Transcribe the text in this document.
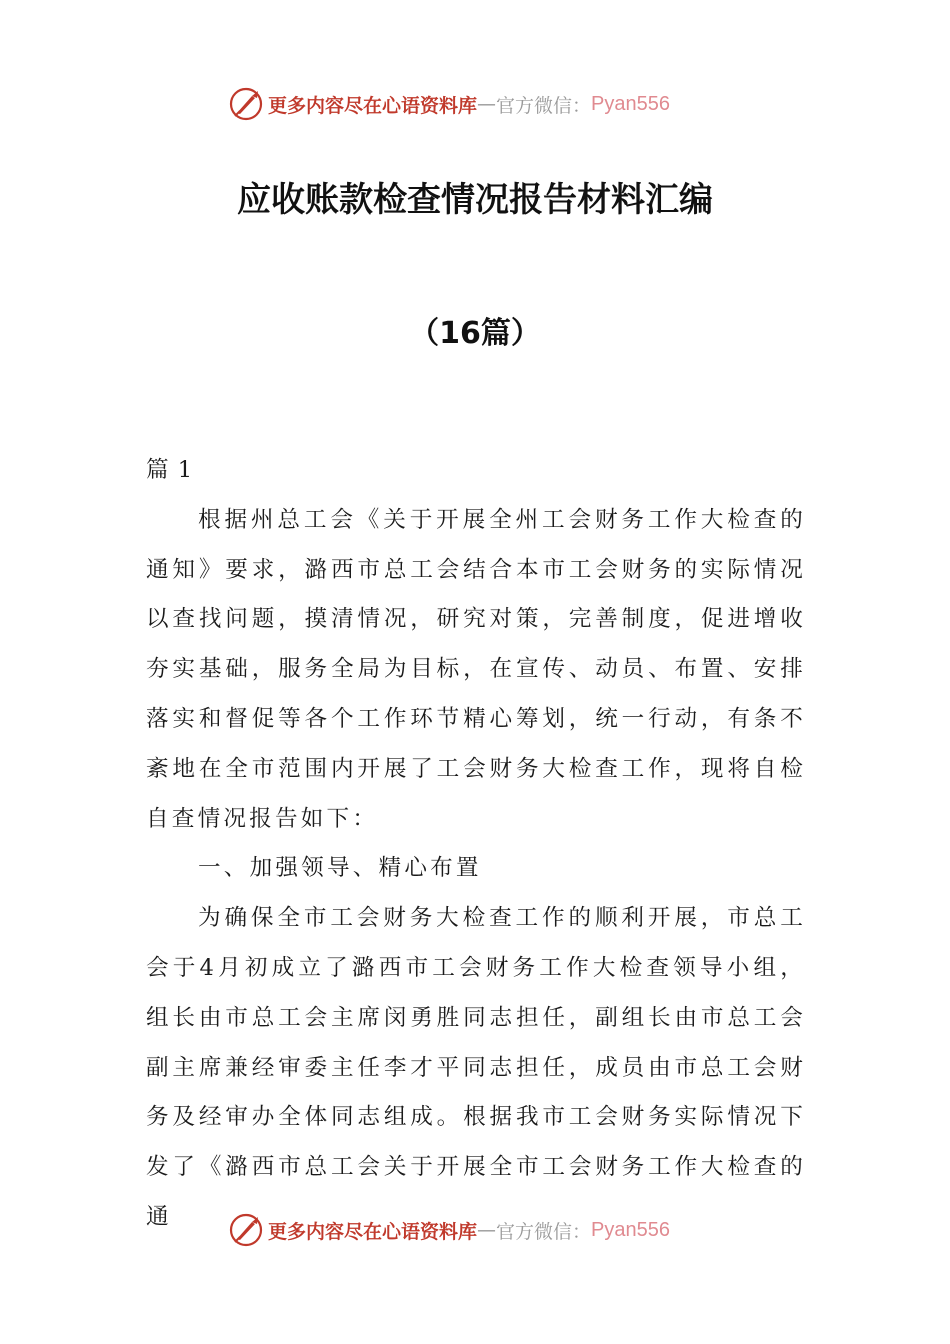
更多内容尽在心语资料库 — 官方微信： Pyan556
应收账款检查情况报告材料汇编
（16篇）

篇 1

根据州总工会《关于开展全州工会财务工作大检查的通知》要求，潞西市总工会结合本市工会财务的实际情况以查找问题，摸清情况，研究对策，完善制度，促进增收夯实基础，服务全局为目标，在宣传、动员、布置、安排落实和督促等各个工作环节精心筹划，统一行动，有条不紊地在全市范围内开展了工会财务大检查工作，现将自检自查情况报告如下：

一、加强领导、精心布置

为确保全市工会财务大检查工作的顺利开展，市总工会于4月初成立了潞西市工会财务工作大检查领导小组，组长由市总工会主席闵勇胜同志担任，副组长由市总工会副主席兼经审委主任李才平同志担任，成员由市总工会财务及经审办全体同志组成。根据我市工会财务实际情况下发了《潞西市总工会关于开展全市工会财务工作大检查的通

更多内容尽在心语资料库 — 官方微信： Pyan556
